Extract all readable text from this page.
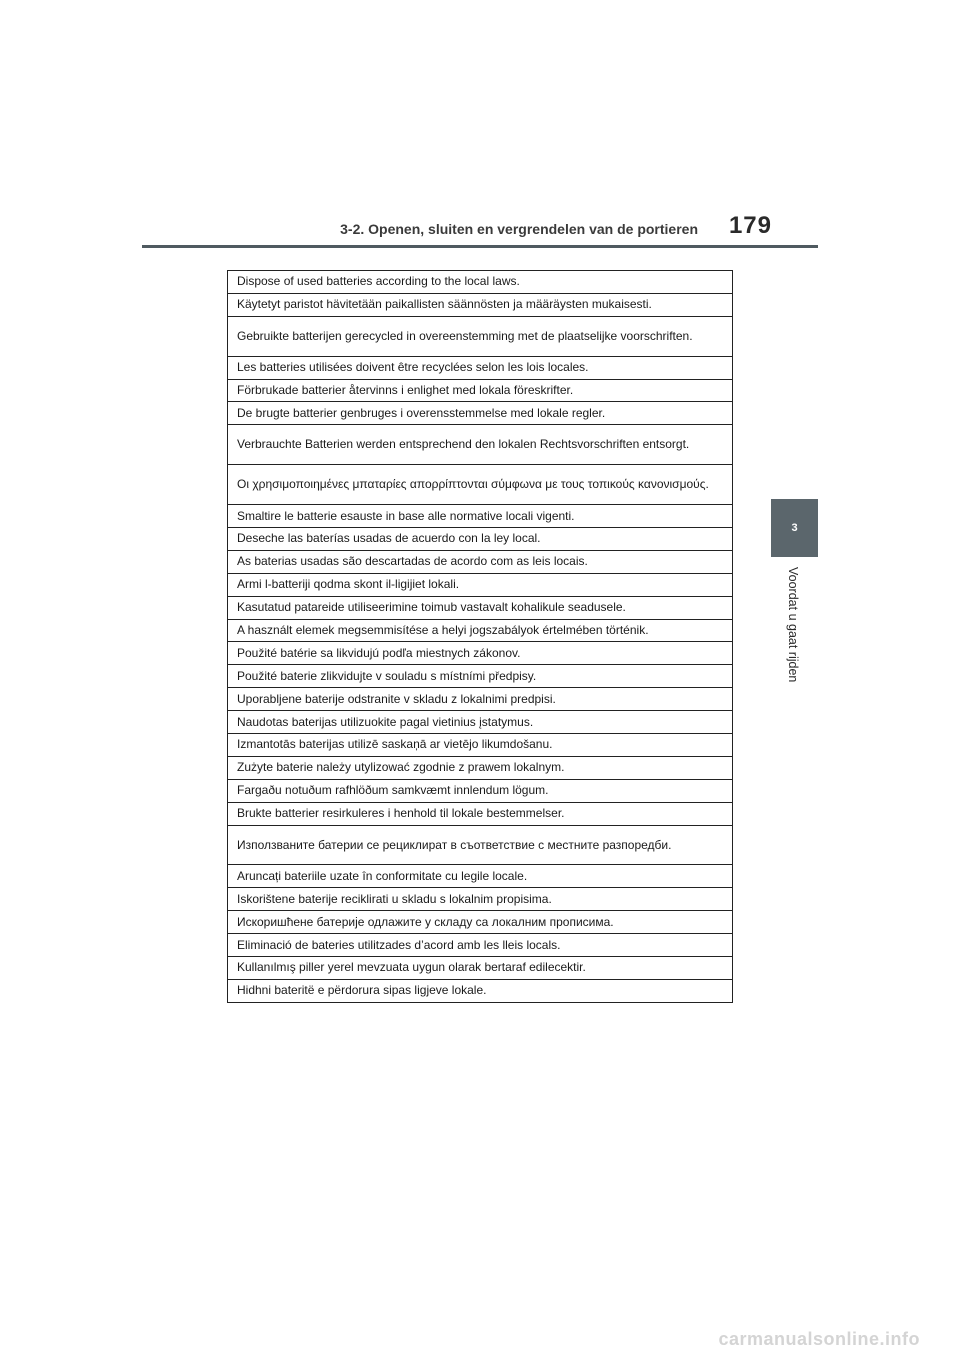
3-2. Openen, sluiten en vergrendelen van de portieren 179
3
Voordat u gaat rijden
Dispose of used batteries according to the local laws.
Käytetyt paristot hävitetään paikallisten säännösten ja määräysten mukaisesti.
Gebruikte batterijen gerecycled in overeenstemming met de plaatselijke voorschriften.
Les batteries utilisées doivent être recyclées selon les lois locales.
Förbrukade batterier återvinns i enlighet med lokala föreskrifter.
De brugte batterier genbruges i overensstemmelse med lokale regler.
Verbrauchte Batterien werden entsprechend den lokalen Rechtsvorschriften entsorgt.
Οι χρησιμοποιημένες μπαταρίες απορρίπτονται σύμφωνα με τους τοπικούς κανονισμούς.
Smaltire le batterie esauste in base alle normative locali vigenti.
Deseche las baterías usadas de acuerdo con la ley local.
As baterias usadas são descartadas de acordo com as leis locais.
Armi l-batteriji qodma skont il-ligijiet lokali.
Kasutatud patareide utiliseerimine toimub vastavalt kohalikule seadusele.
A használt elemek megsemmisítése a helyi jogszabályok értelmében történik.
Použité batérie sa likvidujú podľa miestnych zákonov.
Použité baterie zlikvidujte v souladu s místními předpisy.
Uporabljene baterije odstranite v skladu z lokalnimi predpisi.
Naudotas baterijas utilizuokite pagal vietinius įstatymus.
Izmantotās baterijas utilizē saskaņā ar vietējo likumdošanu.
Zużyte baterie należy utylizować zgodnie z prawem lokalnym.
Fargaðu notuðum rafhlöðum samkvæmt innlendum lögum.
Brukte batterier resirkuleres i henhold til lokale bestemmelser.
Използваните батерии се рециклират в съответствие с местните разпоредби.
Aruncați bateriile uzate în conformitate cu legile locale.
Iskorištene baterije reciklirati u skladu s lokalnim propisima.
Искоришћене батерије одлажите у складу са локалним прописима.
Eliminació de bateries utilitzades d’acord amb les lleis locals.
Kullanılmış piller yerel mevzuata uygun olarak bertaraf edilecektir.
Hidhni bateritë e përdorura sipas ligjeve lokale.
carmanualsonline.info
